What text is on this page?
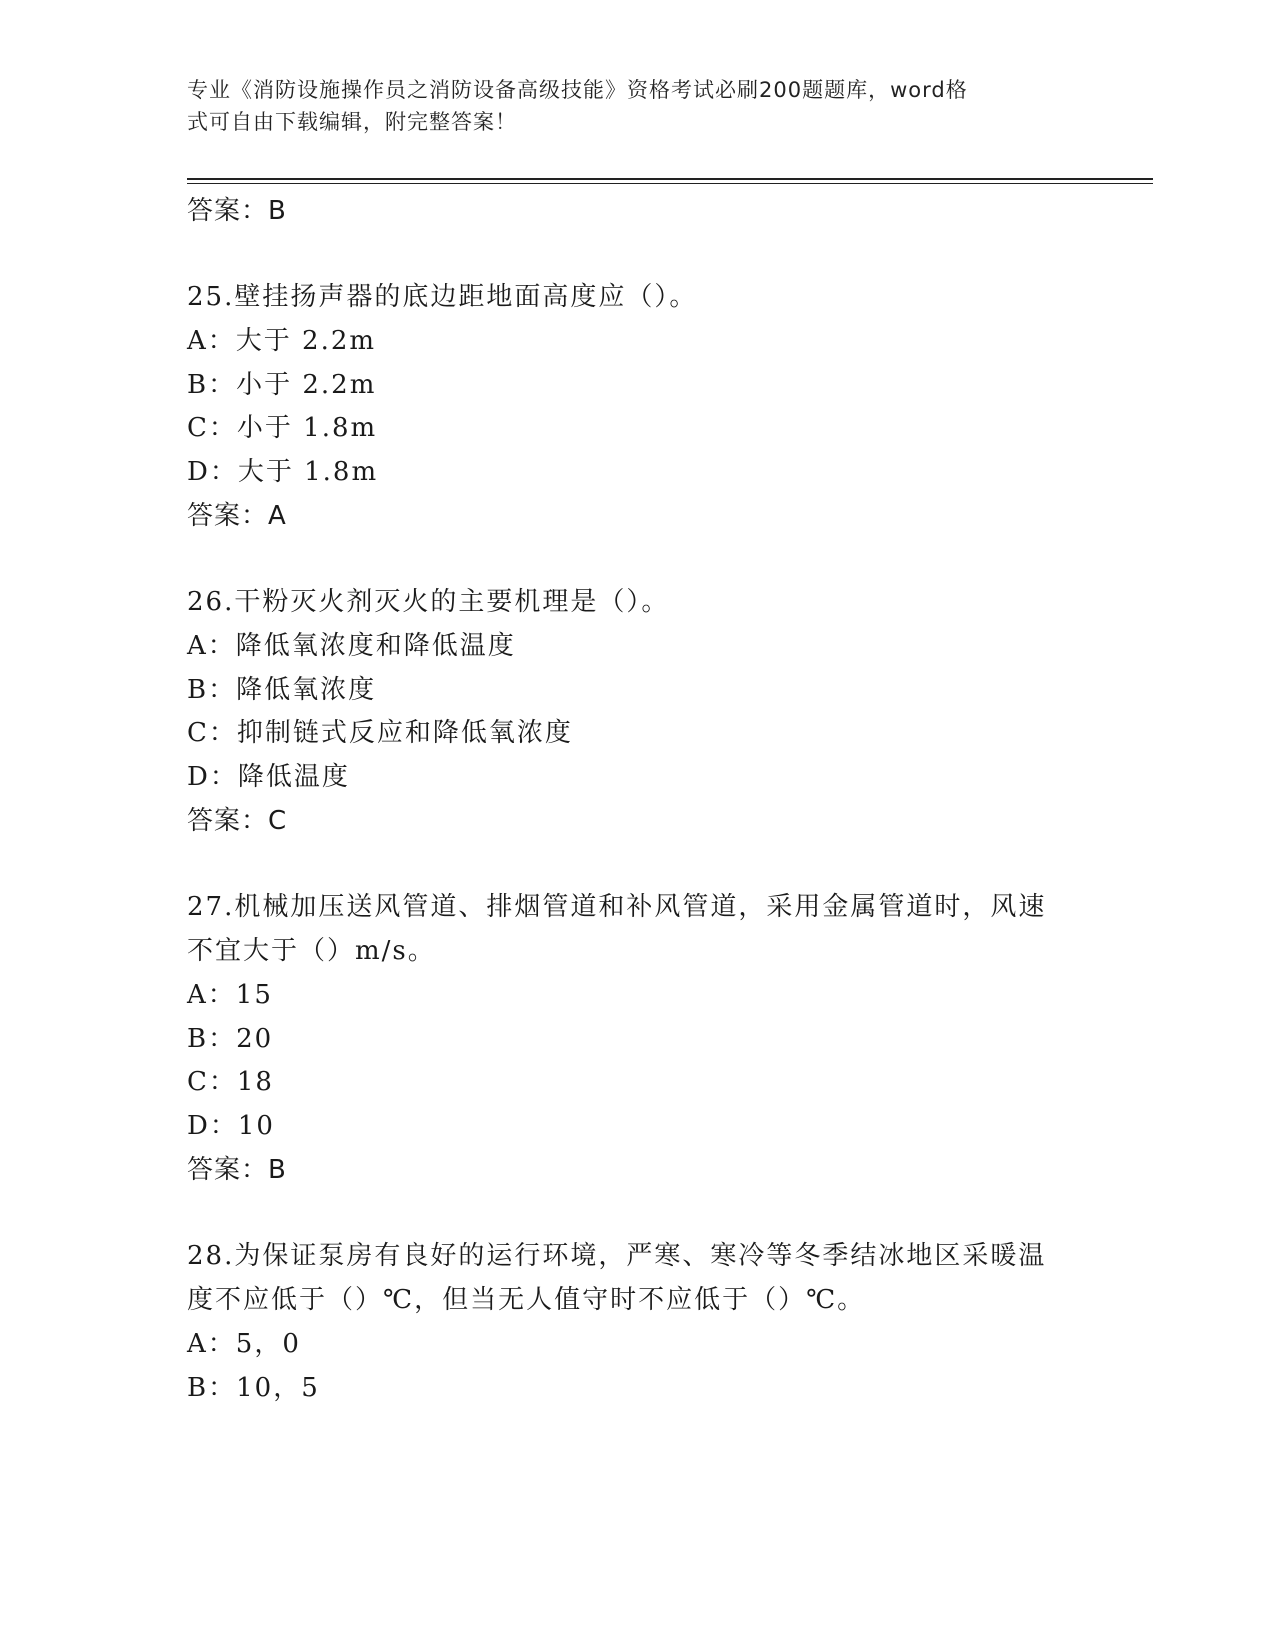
专业《消防设施操作员之消防设备高级技能》资格考试必刷200题题库，word格
式可自由下载编辑，附完整答案！
答案：B
25.壁挂扬声器的底边距地面高度应（）。
A：大于 2.2m
B：小于 2.2m
C：小于 1.8m
D：大于 1.8m
答案：A
26.干粉灭火剂灭火的主要机理是（）。
A：降低氧浓度和降低温度
B：降低氧浓度
C：抑制链式反应和降低氧浓度
D：降低温度
答案：C
27.机械加压送风管道、排烟管道和补风管道，采用金属管道时，风速
不宜大于（）m/s。
A：15
B：20
C：18
D：10
答案：B
28.为保证泵房有良好的运行环境，严寒、寒冷等冬季结冰地区采暖温
度不应低于（）℃，但当无人值守时不应低于（）℃。
A：5，0
B：10，5
